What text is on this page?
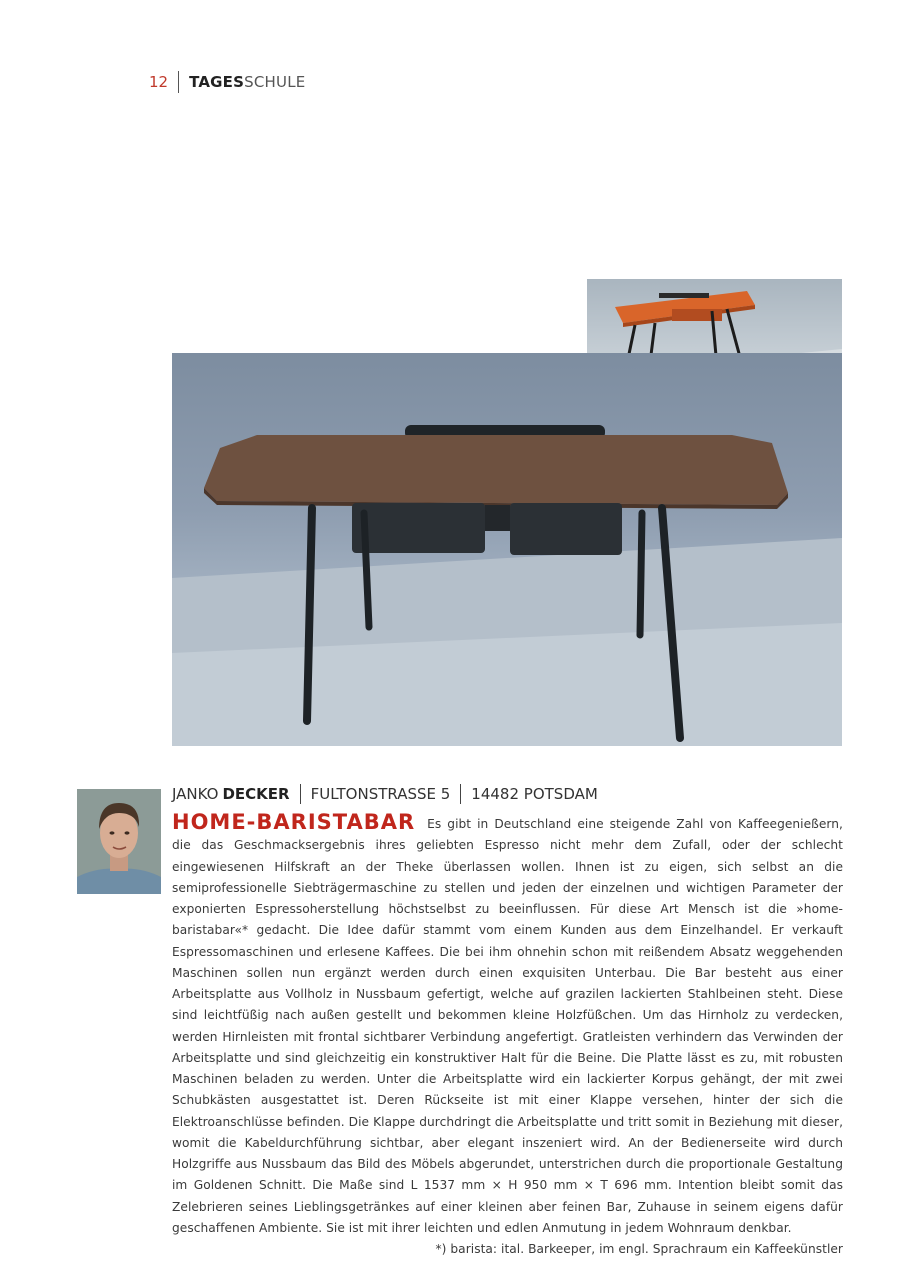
12 TAGES SCHULE
JANKO DECKER FULTONSTRASSE 5 14482 POTSDAM
HOME-BARISTABAR Es gibt in Deutschland eine steigende Zahl von Kaffeegenießern, die das Geschmacksergebnis ihres geliebten Espresso nicht mehr dem Zufall, oder der schlecht eingewiesenen Hilfskraft an der Theke überlassen wollen. Ihnen ist zu eigen, sich selbst an die semiprofessionelle Siebträgermaschine zu stellen und jeden der einzelnen und wichtigen Parameter der exponierten Espressoherstellung höchstselbst zu beeinflussen. Für diese Art Mensch ist die »home-baristabar«* gedacht. Die Idee dafür stammt vom einem Kunden aus dem Einzelhandel. Er verkauft Espressomaschinen und erlesene Kaffees. Die bei ihm ohnehin schon mit reißendem Absatz weggehenden Maschinen sollen nun ergänzt werden durch einen exquisiten Unterbau. Die Bar besteht aus einer Arbeitsplatte aus Vollholz in Nussbaum gefertigt, welche auf grazilen lackierten Stahlbeinen steht. Diese sind leichtfüßig nach außen gestellt und bekommen kleine Holzfüßchen. Um das Hirnholz zu verdecken, werden Hirnleisten mit frontal sichtbarer Verbindung angefertigt. Gratleisten verhindern das Verwinden der Arbeitsplatte und sind gleichzeitig ein konstruktiver Halt für die Beine. Die Platte lässt es zu, mit robusten Maschinen beladen zu werden. Unter die Arbeitsplatte wird ein lackierter Korpus gehängt, der mit zwei Schubkästen ausgestattet ist. Deren Rückseite ist mit einer Klappe versehen, hinter der sich die Elektroanschlüsse befinden. Die Klappe durchdringt die Arbeitsplatte und tritt somit in Beziehung mit dieser, womit die Kabeldurchführung sichtbar, aber elegant inszeniert wird. An der Bedienerseite wird durch Holzgriffe aus Nussbaum das Bild des Möbels abgerundet, unterstrichen durch die proportionale Gestaltung im Goldenen Schnitt. Die Maße sind L 1537 mm × H 950 mm × T 696 mm. Intention bleibt somit das Zelebrieren seines Lieblingsgetränkes auf einer kleinen aber feinen Bar, Zuhause in seinem eigens dafür geschaffenen Ambiente. Sie ist mit ihrer leichten und edlen Anmutung in jedem Wohnraum denkbar.
*) barista: ital. Barkeeper, im engl. Sprachraum ein Kaffeekünstler
